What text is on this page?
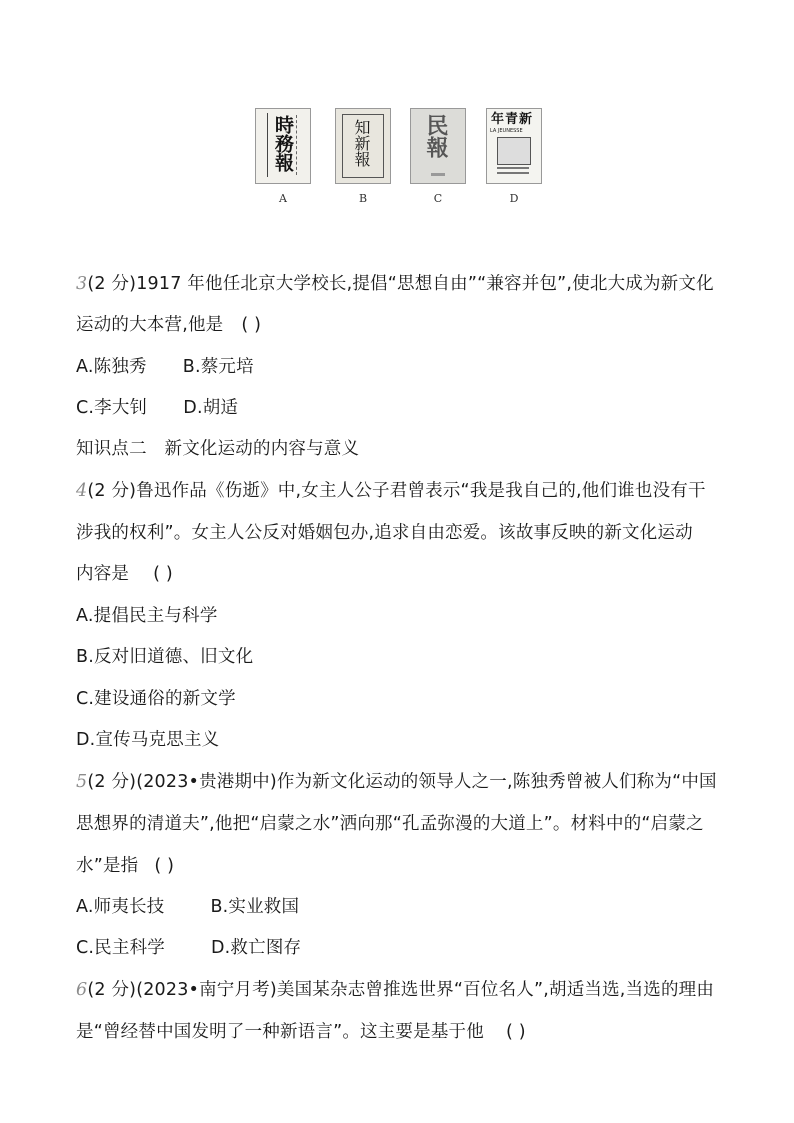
時務報
A
知新報
B
民報
C
年青新
LA JEUNESSE
D
3(2 分)1917 年他任北京大学校长,提倡“思想自由”“兼容并包”,使北大成为新文化
运动的大本营,他是 ( )
A.陈独秀 B.蔡元培
C.李大钊 D.胡适
知识点二　新文化运动的内容与意义
4(2 分)鲁迅作品《伤逝》中,女主人公子君曾表示“我是我自己的,他们谁也没有干
涉我的权利”。女主人公反对婚姻包办,追求自由恋爱。该故事反映的新文化运动
内容是 ( )
A.提倡民主与科学
B.反对旧道德、旧文化
C.建设通俗的新文学
D.宣传马克思主义
5(2 分)(2023•贵港期中)作为新文化运动的领导人之一,陈独秀曾被人们称为“中国
思想界的清道夫”,他把“启蒙之水”洒向那“孔孟弥漫的大道上”。材料中的“启蒙之
水”是指 ( )
A.师夷长技	B.实业救国
C.民主科学	D.救亡图存
6(2 分)(2023•南宁月考)美国某杂志曾推选世界“百位名人”,胡适当选,当选的理由
是“曾经替中国发明了一种新语言”。这主要是基于他 ( )
